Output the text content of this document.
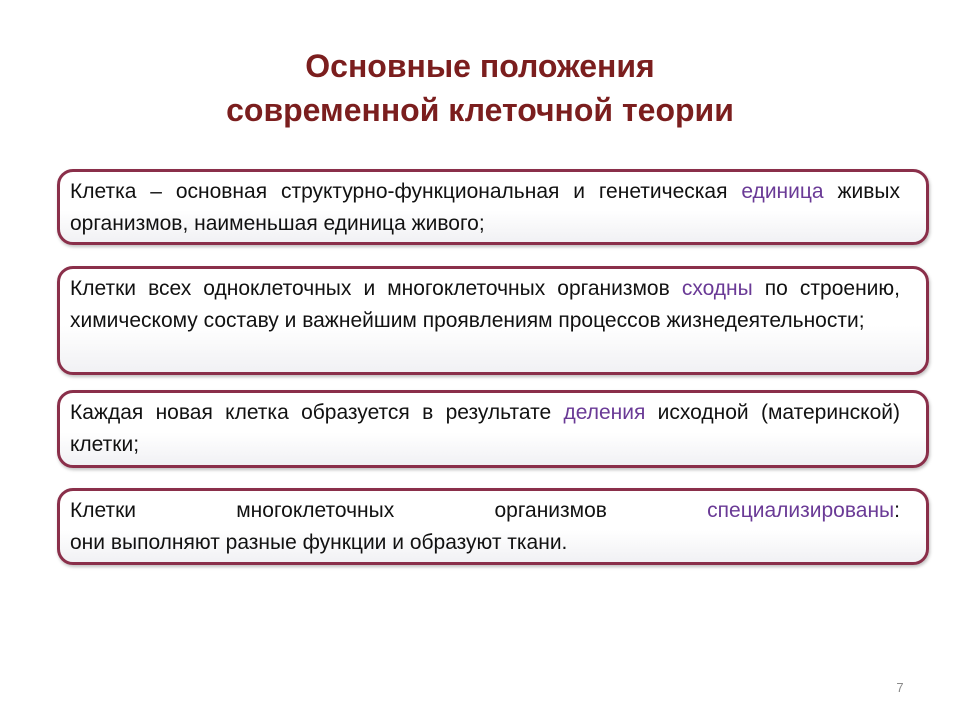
Основные положения
современной клеточной теории
Клетка – основная структурно-функциональная и генетическая единица живых организмов, наименьшая единица живого;
Клетки всех одноклеточных и многоклеточных организмов сходны по строению, химическому составу и важнейшим проявлениям процессов жизнедеятельности;
Каждая новая клетка образуется в результате деления исходной (материнской) клетки;
Клетки многоклеточных организмов специализированы:
они выполняют разные функции и образуют ткани.
7
